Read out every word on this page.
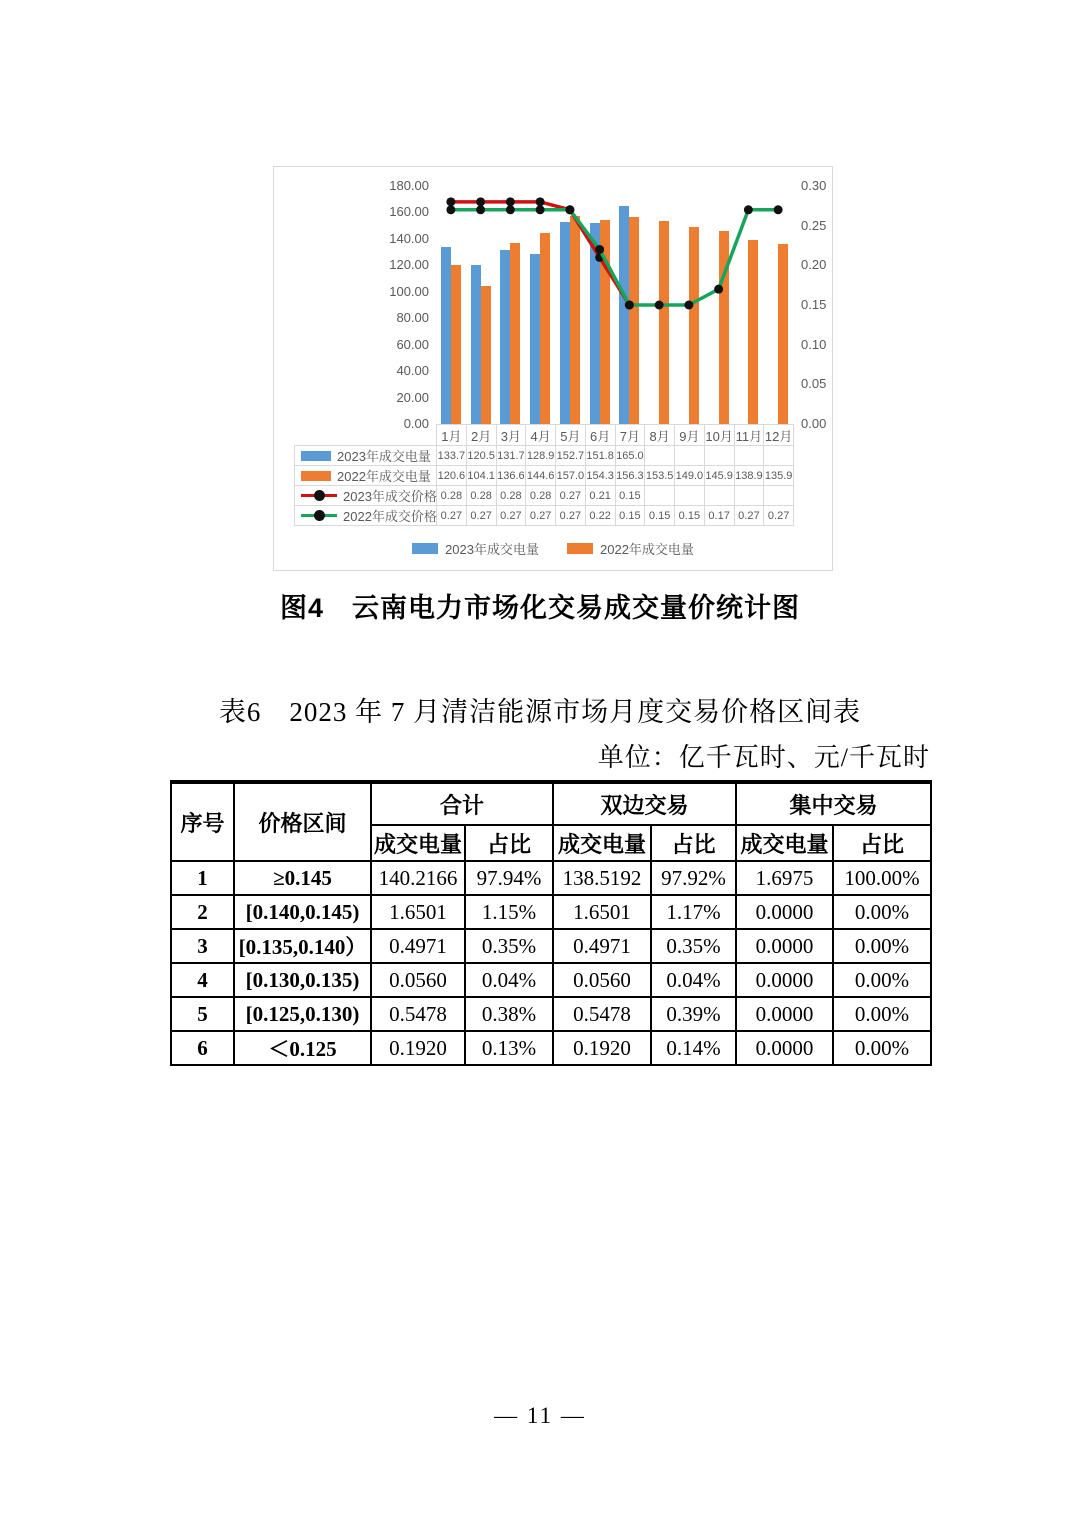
180.00
160.00
140.00
120.00
100.00
80.00
60.00
40.00
20.00
0.00
0.30
0.25
0.20
0.15
0.10
0.05
0.00
	1月	2月	3月	4月	5月	6月	7月	8月	9月	10月	11月	12月

2023年成交电量	133.7	120.5	131.7	128.9	152.7	151.8	165.0					

2022年成交电量	120.6	104.1	136.6	144.6	157.0	154.3	156.3	153.5	149.0	145.9	138.9	135.9

2023年成交价格	0.28	0.28	0.28	0.28	0.27	0.21	0.15					

2022年成交价格	0.27	0.27	0.27	0.27	0.27	0.22	0.15	0.15	0.15	0.17	0.27	0.27
2023年成交电量	2022年成交电量
图4　云南电力市场化交易成交量价统计图
表6　2023 年 7 月清洁能源市场月度交易价格区间表
单位：亿千瓦时、元/千瓦时
序号	价格区间	合计		双边交易		集中交易	
		成交电量	占比	成交电量	占比	成交电量	占比
1	≥0.145	140.2166	97.94%	138.5192	97.92%	1.6975	100.00%
2	[0.140,0.145)	1.6501	1.15%	1.6501	1.17%	0.0000	0.00%
3	[0.135,0.140）	0.4971	0.35%	0.4971	0.35%	0.0000	0.00%
4	[0.130,0.135)	0.0560	0.04%	0.0560	0.04%	0.0000	0.00%
5	[0.125,0.130)	0.5478	0.38%	0.5478	0.39%	0.0000	0.00%
6	＜0.125	0.1920	0.13%	0.1920	0.14%	0.0000	0.00%
— 11 —
